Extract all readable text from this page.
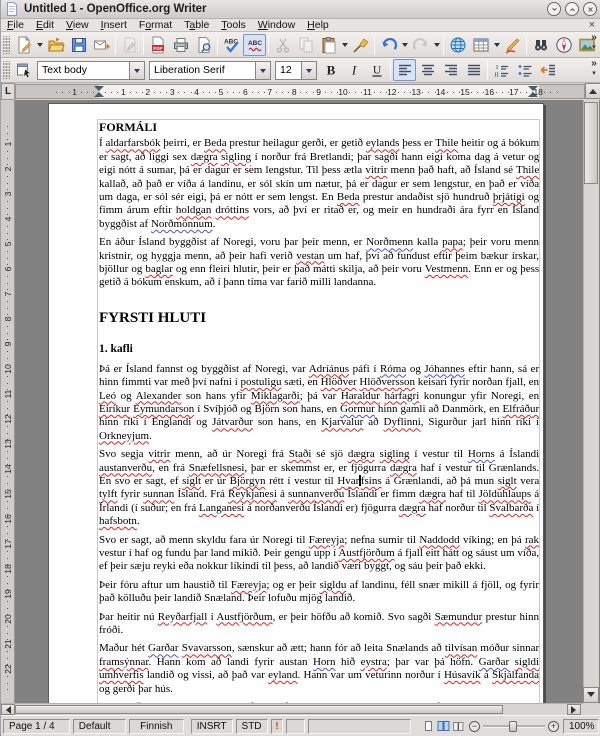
Untitled 1 - OpenOffice.org Writer
File	Edit	View	Insert	Format	Table	Tools	Window	Help	×
PDF
ABC ABC	»
▾
Text body	Liberation Serif	12	B I U	I
II
»
▾
L	1	1 2 3 4 5 6 7 8 9 10 11 12 13 14 15 16 17 18
1
2
3
4
5
6
7
8
9
10
11
12
13
14
15
16
17
18
19
20
21
22
FORMÁLI
Í aldarfarsbók þeirri, er Beda prestur heilagur gerði, er getið eylands þess er Thile heitir og á bókum er sagt, að liggi sex dægra sigling í norður frá Bretlandi; þar sagði hann eigi koma dag á vetur og eigi nótt á sumar, þá er dagur er sem lengstur. Til þess ætla vitrir menn það haft, að Ísland sé Thile kallað, að það er víða á landinu, er sól skín um nætur, þá er dagur er sem lengstur, en það er víða um daga, er sól sér eigi, þá er nótt er sem lengst. En Beda prestur andaðist sjö hundruð þrjátigi og fimm árum eftir holdgan dróttins vors, að því er ritað er, og meir en hundraði ára fyrr en Ísland byggðist af Norðmönnum.
En áður Ísland byggðist af Noregi, voru þar þeir menn, er Norðmenn kalla papa; þeir voru menn kristnir, og hyggja menn, að þeir hafi verið vestan um haf, því að fundust eftir þeim bækur írskar, bjöllur og baglar og enn fleiri hlutir, þeir er það mátti skilja, að þeir voru Vestmenn. Enn er og þess getið á bókum enskum, að í þann tíma var farið milli landanna.
FYRSTI HLUTI
1. kafli
Þá er Ísland fannst og byggðist af Noregi, var Adríánus páfi í Róma og Jóhannes eftir hann, sá er hinn fimmti var með því nafni í postuligu sæti, en Hlöðver Hlöðversson keisari fyrir norðan fjall, en Leó og Alexander son hans yfir Miklagarði; þá var Haraldur hárfagri konungur yfir Noregi, en Eiríkur Eymundarson í Svíþjóð og Björn son hans, en Gormur hinn gamli að Danmörk, en Elfráður hinn ríki í Englandi og Játvarður son hans, en Kjarvalur að Dyflinni, Sigurður jarl hinn ríki í Orkneyjum.
Svo segja vitrir menn, að úr Noregi frá Staði sé sjö dægra sigling í vestur til Horns á Íslandi austanverðu, en frá Snæfellsnesi, þar er skemmst er, er fjögurra dægra haf í vestur til Grænlands. En svo er sagt, ef siglt er úr Björgyn rétt í vestur til Hvar fsins á Grænlandi, að þá mun siglt vera tylft fyrir sunnan Ísland. Frá Reykjanesi á sunnanverðu Íslandi er fimm dægra haf til Jölduhlaups á Írlandi (í suður; en frá Langanesi á norðanverðu Íslandi er) fjögurra dægra haf norður til Svalbarða í hafsbotn.
Svo er sagt, að menn skyldu fara úr Noregi til Færeyja; nefna sumir til Naddodd víking; en þá rak vestur í haf og fundu þar land mikið. Þeir gengu upp í Austfjörðum á fjall eitt hátt og sáust um víða, ef þeir sæju reyki eða nokkur líkindi til þess, að landið væri byggt, og sáu þeir það ekki.
Þeir fóru aftur um haustið til Færeyja; og er þeir sigldu af landinu, féll snær mikill á fjöll, og fyrir það kölluðu þeir landið Snæland. Þeir lofuðu mjög landið.
Þar heitir nú Reyðarfjall í Austfjörðum, er þeir höfðu að komið. Svo sagði Sæmundur prestur hinn fróði.
Maður hét Garðar Svavarsson, sænskur að ætt; hann fór að leita Snælands að tilvísan móður sinnar framsýnnar. Hann kom að landi fyrir austan Horn hið eystra; þar var þá höfn. Garðar sigldi umhverfis landið og vissi, að það var eyland. Hann var um veturinn norður í Húsavík á Skjálfanda og gerði þar hús.
Page 1 / 4	Default	Finnish	INSRT	STD	!	−	+	100%
